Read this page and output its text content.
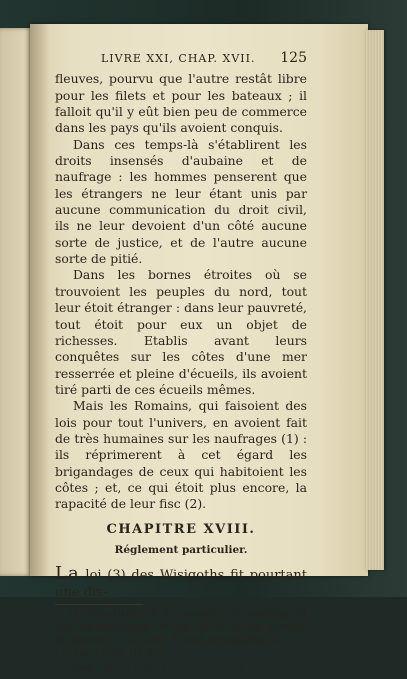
LIVRE XXI, CHAP. XVII. 125

fleuves, pourvu que l'autre restât libre pour les filets et pour les bateaux ; il falloit qu'il y eût bien peu de commerce dans les pays qu'ils avoient conquis.

Dans ces temps-là s'établirent les droits insensés d'aubaine et de naufrage : les hommes penserent que les étrangers ne leur étant unis par aucune communication du droit civil, ils ne leur devoient d'un côté aucune sorte de justice, et de l'autre aucune sorte de pitié.

Dans les bornes étroites où se trouvoient les peuples du nord, tout leur étoit étranger : dans leur pauvreté, tout étoit pour eux un objet de richesses. Etablis avant leurs conquêtes sur les côtes d'une mer resserrée et pleine d'écueils, ils avoient tiré parti de ces écueils mêmes.

Mais les Romains, qui faisoient des lois pour tout l'univers, en avoient fait de très humaines sur les naufrages (1) : ils réprimerent à cet égard les brigandages de ceux qui habitoient les côtes ; et, ce qui étoit plus encore, la rapacité de leur fisc (2).

CHAPITRE XVIII.
Réglement particulier.

La loi (3) des Wisigoths fit pourtant une dis-

(1) Toto titulo, ff. de incend. ruin. naufrag. et cod. de naufragiis ; et leg. III, ff. de leg. Cornel. de sicariis. — (2) Leg. 1, cod. de naufragiis. —

(3) Liv. XI, tit. III, §. 2.

ESPR. DES LOIS. 3.	11
